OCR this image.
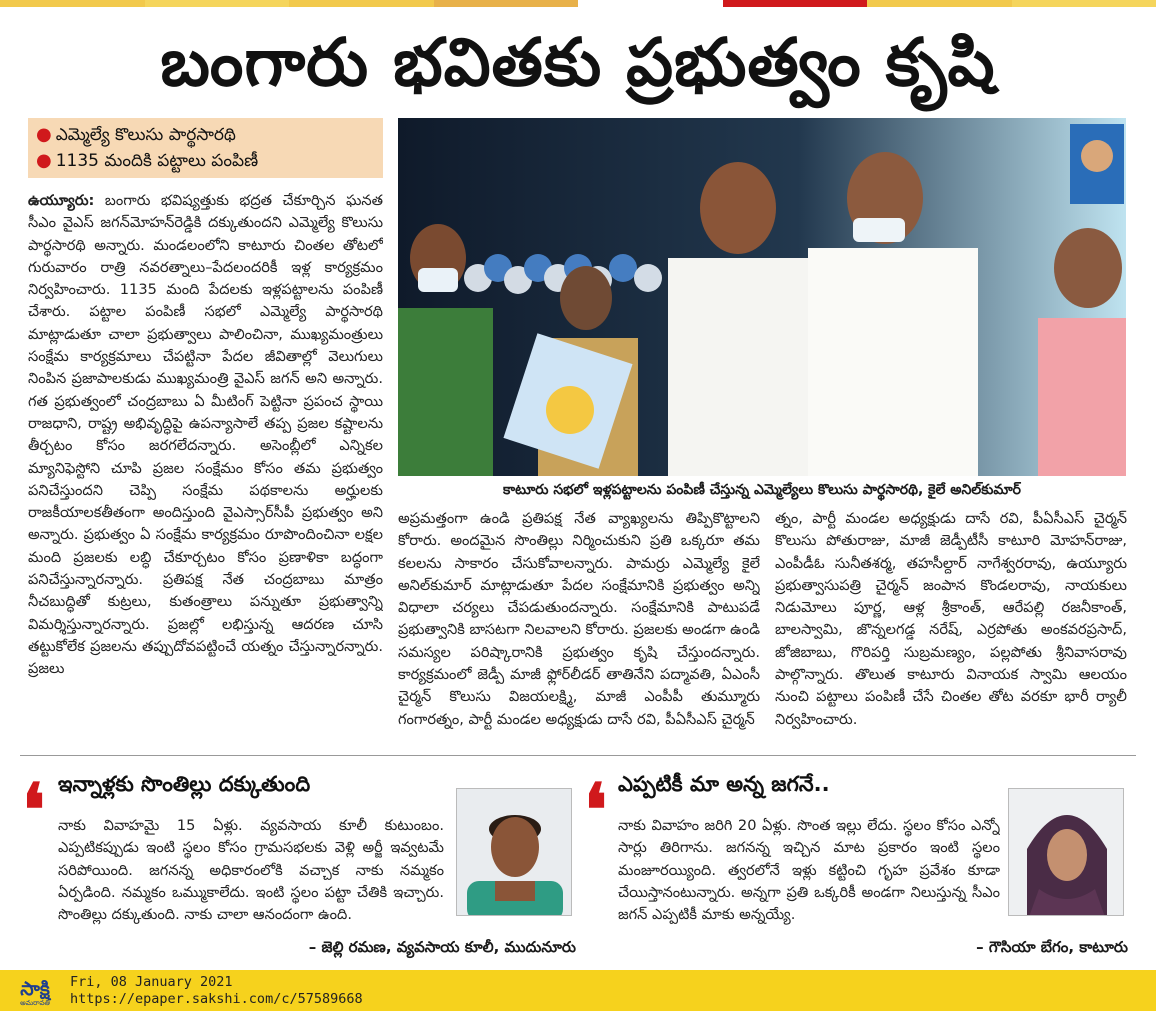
బంగారు భవితకు ప్రభుత్వం కృషి
● ఎమ్మెల్యే కొలుసు పార్థసారథి
● 1135 మందికి పట్టాలు పంపిణీ
ఉయ్యూరు: బంగారు భవిష్యత్తుకు భద్రత చేకూర్చిన ఘనత సీఎం వైఎస్ జగన్‌మోహన్‌రెడ్డికి దక్కుతుందని ఎమ్మెల్యే కొలుసు పార్థసారథి అన్నారు. మండలంలోని కాటూరు చింతల తోటలో గురువారం రాత్రి నవరత్నాలు–పేదలందరికీ ఇళ్ల కార్యక్రమం నిర్వహించారు. 1135 మంది పేదలకు ఇళ్లపట్టాలను పంపిణీ చేశారు. పట్టాల పంపిణీ సభలో ఎమ్మెల్యే పార్థసారథి మాట్లాడుతూ చాలా ప్రభుత్వాలు పాలించినా, ముఖ్యమంత్రులు సంక్షేమ కార్యక్రమాలు చేపట్టినా పేదల జీవితాల్లో వెలుగులు నింపిన ప్రజాపాలకుడు ముఖ్యమంత్రి వైఎస్ జగన్ అని అన్నారు. గత ప్రభుత్వంలో చంద్రబాబు ఏ మీటింగ్ పెట్టినా ప్రపంచ స్థాయి రాజధాని, రాష్ట్ర అభివృద్ధిపై ఉపన్యాసాలే తప్ప ప్రజల కష్టాలను తీర్చటం కోసం జరగలేదన్నారు. అసెంబ్లీలో ఎన్నికల మ్యానిఫెస్టోని చూపి ప్రజల సంక్షేమం కోసం తమ ప్రభుత్వం పనిచేస్తుందని చెప్పి సంక్షేమ పథకాలను అర్హులకు రాజకీయాలకతీతంగా అందిస్తుంది వైఎస్సార్‌సీపీ ప్రభుత్వం అని అన్నారు. ప్రభుత్వం ఏ సంక్షేమ కార్యక్రమం రూపొందించినా లక్షల మంది ప్రజలకు లబ్ధి చేకూర్చటం కోసం ప్రణాళికా బద్ధంగా పనిచేస్తున్నారన్నారు. ప్రతిపక్ష నేత చంద్రబాబు మాత్రం నీచబుద్ధితో కుట్రలు, కుతంత్రాలు పన్నుతూ ప్రభుత్వాన్ని విమర్శిస్తున్నారన్నారు. ప్రజల్లో లభిస్తున్న ఆదరణ చూసి తట్టుకోలేక ప్రజలను తప్పుదోవపట్టించే యత్నం చేస్తున్నారన్నారు. ప్రజలు
కాటూరు సభలో ఇళ్లపట్టాలను పంపిణీ చేస్తున్న ఎమ్మెల్యేలు కొలుసు పార్థసారథి, కైలే అనిల్‌కుమార్
అప్రమత్తంగా ఉండి ప్రతిపక్ష నేత వ్యాఖ్యలను తిప్పికొట్టాలని కోరారు. అందమైన సొంతిల్లు నిర్మించుకుని ప్రతి ఒక్కరూ తమ కలలను సాకారం చేసుకోవాలన్నారు. పామర్రు ఎమ్మెల్యే కైలే అనిల్‌కుమార్ మాట్లాడుతూ పేదల సంక్షేమానికి ప్రభుత్వం అన్ని విధాలా చర్యలు చేపడుతుందన్నారు. సంక్షేమానికి పాటుపడే ప్రభుత్వానికి బాసటగా నిలవాలని కోరారు. ప్రజలకు అండగా ఉండి సమస్యల పరిష్కారానికి ప్రభుత్వం కృషి చేస్తుందన్నారు. కార్యక్రమంలో జెడ్పీ మాజీ ఫ్లోర్‌లీడర్ తాతినేని పద్మావతి, ఏఎంసీ చైర్మన్ కొలుసు విజయలక్ష్మి, మాజీ ఎంపీపీ తుమ్మూరు గంగారత్నం, పార్టీ మండల అధ్యక్షుడు దాసే రవి, పీఏసీఎస్ చైర్మన్
త్నం, పార్టీ మండల అధ్యక్షుడు దాసే రవి, పీఏసీఎస్ చైర్మన్ కొలుసు పోతురాజు, మాజీ జెడ్పీటీసీ కాటూరి మోహన్‌రాజు, ఎంపీడీఓ సునీతశర్మ, తహసీల్దార్ నాగేశ్వరరావు, ఉయ్యూరు ప్రభుత్వాసుపత్రి చైర్మన్ జంపాన కొండలరావు, నాయకులు నిడుమోలు పూర్ణ, ఆళ్ల శ్రీకాంత్, ఆరేపల్లి రజనీకాంత్, బాలస్వామి, జొన్నలగడ్డ నరేష్, ఎర్రపోతు అంకవరప్రసాద్, జోజిబాబు, గొరిపర్తి సుబ్రమణ్యం, పల్లపోతు శ్రీనివాసరావు పాల్గొన్నారు. తొలుత కాటూరు వినాయక స్వామి ఆలయం నుంచి పట్టాలు పంపిణీ చేసే చింతల తోట వరకూ భారీ ర్యాలీ నిర్వహించారు.
❛ ఇన్నాళ్లకు సొంతిల్లు దక్కుతుంది
నాకు వివాహమై 15 ఏళ్లు. వ్యవసాయ కూలీ కుటుంబం. ఎప్పటికప్పుడు ఇంటి స్థలం కోసం గ్రామసభలకు వెళ్లి అర్జీ ఇవ్వటమే సరిపోయింది. జగనన్న అధికారంలోకి వచ్చాక నాకు నమ్మకం ఏర్పడింది. నమ్మకం ఒమ్ముకాలేదు. ఇంటి స్థలం పట్టా చేతికి ఇచ్చారు. సొంతిల్లు దక్కుతుంది. నాకు చాలా ఆనందంగా ఉంది.
– జెల్లి రమణ, వ్యవసాయ కూలీ, ముదునూరు
❛ ఎప్పటికీ మా అన్న జగనే..
నాకు వివాహం జరిగి 20 ఏళ్లు. సొంత ఇల్లు లేదు. స్థలం కోసం ఎన్నో సార్లు తిరిగాను. జగనన్న ఇచ్చిన మాట ప్రకారం ఇంటి స్థలం మంజూరయ్యింది. త్వరలోనే ఇళ్లు కట్టించి గృహ ప్రవేశం కూడా చేయిస్తానంటున్నారు. అన్నగా ప్రతి ఒక్కరికీ అండగా నిలుస్తున్న సీఎం జగన్ ఎప్పటికీ మాకు అన్నయ్యే.
– గౌసియా బేగం, కాటూరు
సాక్షి
అమరావతి
Fri, 08 January 2021
https://epaper.sakshi.com/c/57589668
